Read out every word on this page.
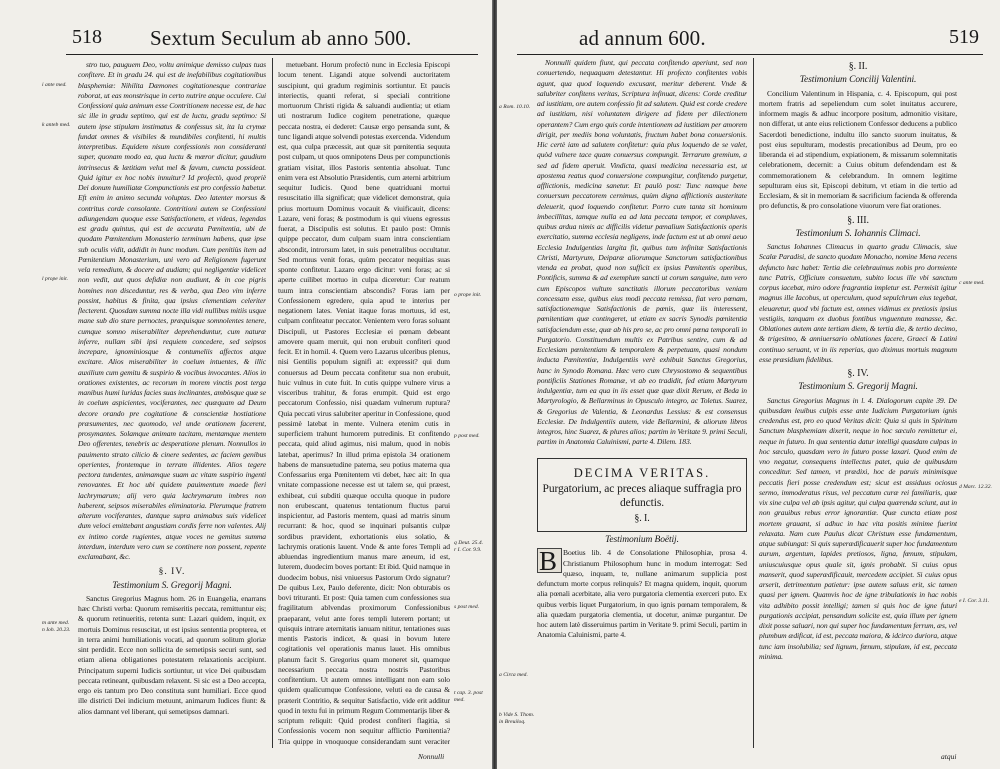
518 Sextum Seculum ab anno 500.
i ante med.
k anteb med.
l prope init.
m ante med.
n Ioh. 20.23.
o prope init.
p post med.
q Deut. 25.4.
r I. Cor. 9.9.
s post med.
t cap. 3. post med.

stro tuo, pauguem Deo, voltu animique demisso culpas tuas confitere. Et in gradu 24. qui est de inefabilibus cogitationibus blasphemiæ: Nihilita Dæmones cogitationesque contrariae roborat, ut eas monstrisque in certo nutrire atque occulere. Cui Confessioni quia animum esse Contritionem necesse est, de hac sic ille in gradu septimo, qui est de luctu, gradu septimo: Si autem ipse stipulam instimatus & confessus sit, ita la crymæ fundat omnes & visibiles & mundibiles confitenti, hi multis interpretibus. Equidem nisum confessionis non consideranti super, quonam modo ea, qua luctu & mœror dicitur, gaudium intrinsecus & lætitiam velut mel & favum, cumcta possideat. Quid igitur ex hoc nobis innuitur? Id profectò, quod propriè Dei donum humiliatæ Compunctionis est pro confessio habetur. Eft enim in animo secunda voluptas. Deo latenter morsus & contritus corde consolante. Contritioni autem se Confessioni adiungendam quoque esse Satisfactionem, et videas, legendas est gradu quintus, qui est de accurata Pœnitentia, ubi de quodam Pœnitentium Monasterio terminum habens, quæ ipse sub oculis vidit, addidit in hunc modum. Cum penitiùs item ad Pœnitentium Monasterium, uni vero ad Religionem fugerunt vela remedium, & docere ad audiam; qui negligentiæ videlicet non vedit, aut quos defidiæ non audiunt, & in coe pigris homines non disceduntur, res & verba, qua Deo vim inferre possint, habitus & finita, qua ipsius clementiam celeriter flecterent. Quosdam summa nocte illa vidi nullibus mitiis usque mane sub dio stare pernoctes, præquisque somnolentes tenere, cumque somno miserabiliter deprehenduntur, cum naturæ inferre, nullam sibi ipsi requiem concedere, sed seipsos increpare, ignominiosque & contumeliis affectos atque excitare. Alios miserabiliter in coelum intuentes, & illic auxilium cum gemitu & suspirio & vocibus invocantes. Alios in orationes existentes, ac recorum in morem vinctis post terga manibus humi luridas facies suas inclinantes, ambòsque quæ se in coelum aspicientes, vociferantes, nec quæquam ad Deum decore orando pre cogitatione & conscientiæ hostiatione præsumentes, nec quomodo, vel unde orationem facerent, prosymantes. Solamque animam tacitam, mentamque mentem Deo offerentes, tenebris ac desperatione plenum. Nonnullos in pauimento strato cilicio & cinere sedentes, ac faciem genibus operientes, frontemque in terram illidentes. Alios tegere pectora tundentes, animamque suam ac vitam suspirio ingenti renovantes. Et hoc ubi quidem pauimentum maede fieri lachrymarum; alij vero quia lachrymarum imbres non haberent, seipsos miserabiles eliminatoria. Plerumque fratrem alterum vociferantes, dantque supra animabus suis videlicet dum veloci emittebant angustiam cordis ferre non valentes. Alij ex intimo corde rugientes, atque voces ne gemitus summa interdum, interdum vero cum se continere non possent, repente exclamabant, &c.

§. IV.
Testimonium S. Gregorij Magni.

Sanctus Gregorius Magnus hom. 26 in Euangelia, enarrans hæc Christi verba: Quorum remiseritis peccata, remittuntur eis; & quorum retinueritis, retenta sunt: Lazari quidem, inquit, ex mortuis Dominus resuscitat, ut est ipsius sententia propterea, et in terra animi humiliationis vocati, ad quorum solitum gloriæ sint perdidit. Ecce non sollicita de semetipsis securi sunt, sed etiam aliena obligationes potestatem relaxationis accipiunt. Principatum superni Iudicis sortiuntur, ut vice Dei quibusdam peccata retineant, quibusdam relaxent. Si sic est a Deo accepta, ergo eis tantum pro Deo constituta sunt humiliari. Ecce quod ille districti Dei indicium metuunt, animarum Iudices fiunt: & alios damnant vel liberant, qui semetipsos damnari.

metuebant. Horum profectò nunc in Ecclesia Episcopi locum tenent. Ligandi atque solvendi auctoritatem suscipiunt, qui gradum regiminis sortiuntur. Et paucis interiectis, quanti referat, si speciali contritione mortuorum Christi rigida & saluandi audientia; ut etiam uti nostrarum Iudice cogitem penetratione, quæque peccata nostra, ei dederet: Causæ ergo pensanda sunt, & tunc ligandi atque solvendi potestas exercenda. Videndum est, qua culpa præcessit, aut quæ sit pœnitentia sequuta post culpam, ut quos omnipotens Deus per compunctionis gratiam visitat, illos Pastoris sententia absoluat. Tunc enim vera est Absolutio Præsidentis, cum æterni arbitrium sequitur Iudicis. Quod bene quatriduani mortui resuscitatio illa significat; quæ videlicet demonstrat, quia prius mortuum Dominus vocauit & viuificauit, dicens: Lazare, veni foras; & postmodum is qui viuens egressus fuerat, a Discipulis est solutus. Et paulo post: Omnis quippe peccator, dum culpam suam intra conscientiam abscondit, introrsum latet, in suis penetralibus occultatur. Sed mortuus venit foras, quùm peccator nequitias suas sponte confitetur. Lazaro ergo dicitur: veni foras; ac si aperte cuilibet mortuo in culpa diceretur: Cur reatum tuum intra conscientiam abscondis? Foras iam per Confessionem egredere, quia apud te interius per negationem lates. Veniat itaque foras mortuus, id est, culpam confiteatur peccator. Venientem vero foras soluant Discipuli, ut Pastores Ecclesiæ ei pœnam debeant amovere quam meruit, qui non erubuit confiteri quod fecit. Et in homil. 4. Quem vero Lazarus ulceribus plenus, nisi Gentilis populum signifi at: expressit? qui dum conuersus ad Deum peccata confitetur sua non erubuit, huic vulnus in cute fuit. In cutis quippe vulnere virus a visceribus trahitur, & foras erumpit. Quid est ergo peccatorum Confessio, nisi quædam vulnerum ruptura? Quia peccati virus salubriter aperitur in Confessione, quod pessimè latebat in mente. Vulnera etenim cutis in superficiem trahunt humorem putredinis. Et confitendo peccata, quid aliud agimus, nisi malum, quod in nobis latebat, aperimus? In illud prima epistola 34 orationem habens de mansuetudine paterna, seu potius materna qua Confessarius erga Pœnitentem vti debet, hæc ait: In qua vnitate compassione necesse est ut talem se, qui præest, exhibeat, cui subditi quæque occulta quoque in pudore non erubescant, quatenus tentationum fluctus parui inspicientur, ad Pastoris mentem, quasi ad matris sinum recurrant: & hoc, quod se inquinari pulsantis culpæ sordibus prævident, exhortationis eius solatio, & lachrymis orationis lauent. Vnde & ante fores Templi ad abluendas ingredientium manus mare æneum, id est, luterem, duodecim boves portant: Et ibid. Quid namque in duodecim bobus, nisi vniuersus Pastorum Ordo signatur? De quibus Lex, Paulo deferente, dicit: Non obturabis os bovi trituranti. Et post: Quia tamen cum confessiones sua fragilitatum ablvendas proximorum Confessionibus praeparant, velut ante fores templi luterem portant; ut quisquis intrare æternitatis ianuam nititur, tentationes suas mentis Pastoris indicet, & quasi in bovum lutere cogitationis vel operationis manus lauet. His omnibus planum facit S. Gregorius quam moneret sit, quamque necessarium peccata nostra nostris Pastoribus confitentium. Ut autem omnes intelligant non eam solo quidem qualicumque Confessione, veluti ea de causa & præterit Contritio, & sequitur Satisfactio, vide erit additur quod in textu fui in primum Regum Commentarijs liber & scriptum reliquit: Quid prodest confiteri flagitia, si Confessionis vocem non sequitur afflictio Pœnitentia? Tria quippe in vnoquoque considerandam sunt veraciter

Nonnulli
ad annum 600.	519
a Rom. 10.10.
b Vide S. Thom. in Breuiloq.
c ante med.
a Circa med.
d Marc. 12.32.
e I. Cor. 3.11.

Nonnulli quidem fiunt, qui peccata confitendo aperiunt, sed non conuertendo, nequaquam detestantur. Hi profecto confitentes vobis agunt, qua quod loquendo excusant, meritur deberent. Vnde & salubriter confitens veritas, Scriptura infinuat, dicens: Corde creditur ad iustitiam, ore autem confessio fit ad salutem. Quid est corde credere ad iustitiam, nisi voluntatem dirigere ad fidem per dilectionem operantem? Cum ergo quis corde intentionem ad iustitiam per amorem dirigit, per mediis bona voluntatis, fructum habet bona conuersionis. Hic certè iam ad salutem confitetur: quia plus loquendo de se valet, quòd vulnere tace quam conuersus compungit. Terrarum gremium, a sed ad fidem aperuit. Vindicta, quasi medicina necessaria est, ut apostema reatus quod conuersione compungitur, confitendo purgetur, afflictionis, medicina sanetur. Et paulò post: Tunc namque bene conuersum peccatorem cernimus, quùm digna afflictionis austeritate deleuerit, quod loquendo confitetur. Porro cum tanta sit hominum imbecillitas, tamque nulla ea ad lata peccata tempor, et compluves, quibus ardua nimis ac difficilis videtur pœnalium Satisfactionis operis exercitatio, summa ecclesia negligens, inde factum est ut ab omni aeuo Ecclesia Indulgentias largita fit, quibus tum infinitæ Satisfactionis Christi, Martyrum, Deiparæ aliorumque Sanctorum satisfactionibus vtenda ea probat, quod non sufficit ex ipsius Pœnitentis operibus, Pontificis, summa & ad exemplum sancti ut corum sanguine, tum vero cum Episcopos vultum sanctitatis illorum peccatoribus veniam concessam esse, quibus eius modi peccata remissa, fiat vero pœnam, satisfactionemque Satisfactionis de pœnis, quæ iis interessent, pœnitentiam quæ contingeret, ut etiam ex sacris Synodis pœnitentia satisfaciendum esse, quæ ab his pro se, ac pro omni pœna temporali in Purgatorio. Constituendum multis ex Patribus sentire, cum & ad Ecclesiam pœnitentiam & temporalem & perpetuam, quasi nondum inducta Pœnitentiæ, Indulgentiis verè exhibuit Sanctus Gregorius, hanc in Synodo Romana. Hæc vero cum Chrysostomo & sequentibus pontificiis Stationes Romanæ, vt ab eo tradidit, fed etiam Martyrum indulgentiæ, tum ea qua in iis esset quæ quæ dixit Rerum, et Beda in Martyrologio, & Bellarminus in Opusculo integro, ac Toletus. Suarez, & Gregorius de Valentia, & Leonardus Lessius: & est consensus Ecclesiæ. De Indulgentiis autem, vide Bellarmini, & aliorum libros integros, hinc Suarez, & plures alios; partim in Veritate 9. primi Seculi, partim in Anatomia Caluinismi, parte 4. Dilem. 183.

DECIMA VERITAS.
Purgatorium, ac preces aliaque suffragia pro defunctis.
§. I.
Testimonium Boëtij.

B Boetius lib. 4 de Consolatione Philosophiæ, prosa 4. Christianum Philosophum hunc in modum interrogat: Sed quæso, inquam, te, nullane animarum supplicia post defunctum morte corpus relinquis? Et magna quidem, inquit, quorum alia pœnali acerbitate, alia vero purgatoria clementia exerceri puto. Ex quibus verbis liquet Purgatorium, in quo ignis pœnam temporalem, & alia quædam purgatoria clementia, ut docetur, animæ purgantur. De hoc autem latè disseruimus partim in Veritate 9. primi Seculi, partim in Anatomia Caluinismi, parte 4.

§. II.
Testimonium Concilij Valentini.

Concilium Valentinum in Hispania, c. 4. Episcopum, qui post mortem fratris ad sepeliendum cum solet inuitatus accurere, informem magis & adhuc incorpore positum, admonitio visitare, non differat, ut ante eius relictionem Confessor deducens a publico Sacerdoti benedictione, indultu illo sancto suorum inuitatus, & post eius sepulturam, modestis precationibus ad Deum, pro eo liberanda ei ad stipendium, expiationem, & missarum solemnitatis celebrationem, decernit: a Cuius obitum defendendam est & commemorationem & celebrandum. In omnem legitime sepulturam eius sit, Episcopi debitum, vt etiam in die tertio ad Ecclesiam, & sit in memoriam & sacrificium facienda & offerenda pro defunctis, & pro consolatione viuorum vere fiat orationes.

§. III.
Testimonium S. Iohannis Climaci.

Sanctus Iohannes Climacus in quarto gradu Climacis, siue Scalæ Paradisi, de sancto quodam Monacho, nomine Mena recens defuncto hæc habet: Tertia die celebrauimus nobis pro dormiente tunc Patris, Officium consuetum, subito locus ille vbi sanctum corpus iacebat, miro odore fragrantia impletur est. Permisit igitur magnus ille Iacobus, ut operculum, quod sepulchrum eius tegebat, eleuaretur, quod vbi factum est, omnes vidimus ex pretiosis ipsius vestigiis, tanquam ex duobus fontibus vnguentum manasse, &c. Oblationes autem ante tertiam diem, & tertia die, & tertio decimo, & trigesimo, & anniuersario oblationes facere, Graeci & Latini continuo seruant, vt in iis reperias, quo diximus mortuis magnum esse præsidium fidelibus.

§. IV.
Testimonium S. Gregorij Magni.

Sanctus Gregorius Magnus in l. 4. Dialogorum capite 39. De quibusdam leuibus culpis esse ante Iudicium Purgatorium ignis credendus est, pro eo quod Veritas dicit: Quia si quis in Spiritum Sanctum blasphemiam dixerit, neque in hoc sæculo remittetur ei, neque in futuro. In qua sententia datur intelligi quasdam culpas in hoc sæculo, quasdam vero in futuro posse laxari. Quod enim de vno negatur, consequens intellectus patet, quia de quibusdam conceditur. Sed tamen, vt prædixi, hoc de paruis minimisque peccatis fieri posse credendum est; sicut est assiduus ociosus sermo, immoderatus risus, vel peccatum curæ rei familiaris, quæ vix sine culpa vel ab ipsis agitur, qui culpa quærenda sciunt, aut in non grauibus rebus error ignorantiæ. Quæ cuncta etiam post mortem grauant, si adhuc in hac vita positis minime fuerint relaxata. Nam cum Paulus dicat Christum esse fundamentum, atque subiungat: Si quis superædificauerit super hoc fundamentum aurum, argentum, lapides pretiosos, ligna, fœnum, stipulam, uniuscuiusque opus quale sit, ignis probabit. Si cuius opus manserit, quod superædificauit, mercedem accipiet. Si cuius opus arserit, detrimentum patietur: ipse autem saluus erit, sic tamen quasi per ignem. Quamvis hoc de igne tribulationis in hac nobis vita adhibito possit intelligi; tamen si quis hoc de igne futuri purgationis accipiat, pensandum solicite est, quia illum per ignem dixit posse saluari, non qui super hoc fundamentum ferrum, æs, vel plumbum ædificat, id est, peccata maiora, & idcirco duriora, atque tunc iam insolubilia; sed lignum, fœnum, stipulam, id est, peccata minima.

atqui
